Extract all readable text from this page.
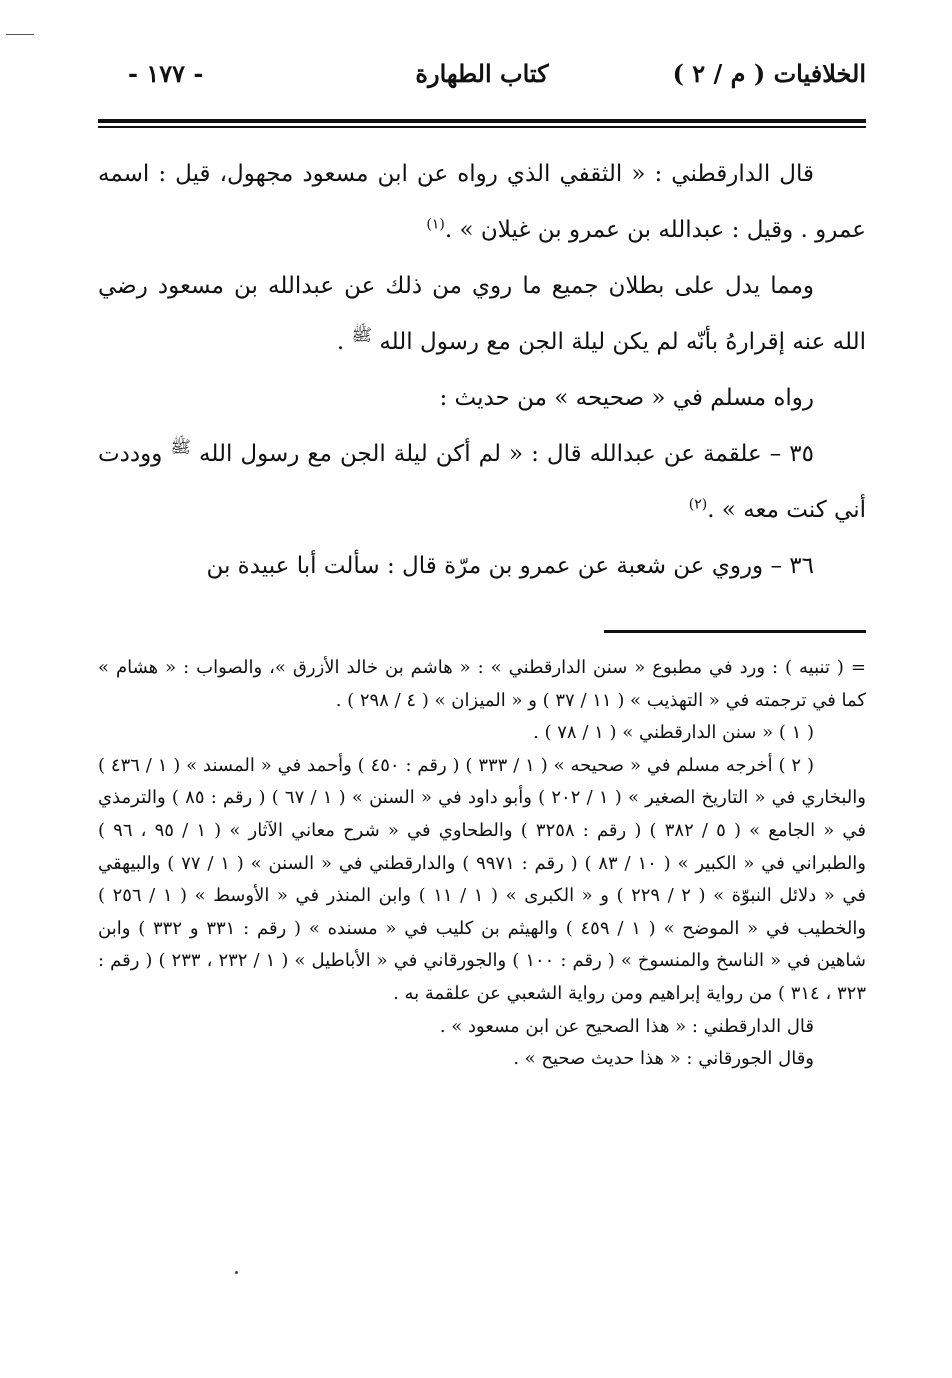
الخلافيات ( م / ٢ )
كتاب الطهارة
- ١٧٧ -

قال الدارقطني : « الثقفي الذي رواه عن ابن مسعود مجهول، قيل : اسمه عمرو . وقيل : عبدالله بن عمرو بن غيلان » .$^{(١)}$

ومما يدل على بطلان جميع ما روي من ذلك عن عبدالله بن مسعود رضي الله عنه إقرارهُ بأنّه لم يكن ليلة الجن مع رسول الله $^ﷺ$ .

رواه مسلم في « صحيحه » من حديث :

٣٥ – علقمة عن عبدالله قال : « لم أكن ليلة الجن مع رسول الله $^ﷺ$ ووددت أني كنت معه » .$^{(٢)}$

٣٦ – وروي عن شعبة عن عمرو بن مرّة قال : سألت أبا عبيدة بن

= ( تنبيه ) : ورد في مطبوع « سنن الدارقطني » : « هاشم بن خالد الأزرق »، والصواب : « هشام » كما في ترجمته في « التهذيب » ( ١١ / ٣٧ ) و « الميزان » ( ٤ / ٢٩٨ ) .

( ١ ) « سنن الدارقطني » ( ١ / ٧٨ ) .

( ٢ ) أخرجه مسلم في « صحيحه » ( ١ / ٣٣٣ ) ( رقم : ٤٥٠ ) وأحمد في « المسند » ( ١ / ٤٣٦ ) والبخاري في « التاريخ الصغير » ( ١ / ٢٠٢ ) وأبو داود في « السنن » ( ١ / ٦٧ ) ( رقم : ٨٥ ) والترمذي في « الجامع » ( ٥ / ٣٨٢ ) ( رقم : ٣٢٥٨ ) والطحاوي في « شرح معاني الآثار » ( ١ / ٩٥ ، ٩٦ ) والطبراني في « الكبير » ( ١٠ / ٨٣ ) ( رقم : ٩٩٧١ ) والدارقطني في « السنن » ( ١ / ٧٧ ) والبيهقي في « دلائل النبوّة » ( ٢ / ٢٢٩ ) و « الكبرى » ( ١ / ١١ ) وابن المنذر في « الأوسط » ( ١ / ٢٥٦ ) والخطيب في « الموضح » ( ١ / ٤٥٩ ) والهيثم بن كليب في « مسنده » ( رقم : ٣٣١ و ٣٣٢ ) وابن شاهين في « الناسخ والمنسوخ » ( رقم : ١٠٠ ) والجورقاني في « الأباطيل » ( ١ / ٢٣٢ ، ٢٣٣ ) ( رقم : ٣٢٣ ، ٣١٤ ) من رواية إبراهيم ومن رواية الشعبي عن علقمة به .

قال الدارقطني : « هذا الصحيح عن ابن مسعود » .

وقال الجورقاني : « هذا حديث صحيح » .
